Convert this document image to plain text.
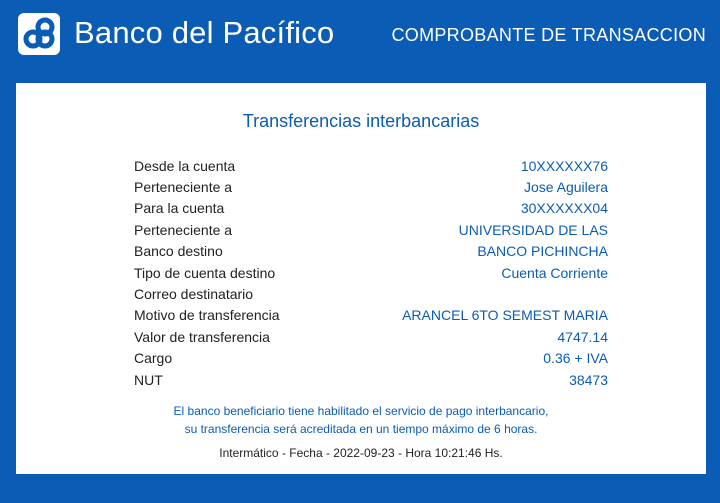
Banco del Pacífico	COMPROBANTE DE TRANSACCION
Transferencias interbancarias
Desde la cuenta	10XXXXXX76
Perteneciente a	Jose Aguilera
Para la cuenta	30XXXXXX04
Perteneciente a	UNIVERSIDAD DE LAS
Banco destino	BANCO PICHINCHA
Tipo de cuenta destino	Cuenta Corriente
Correo destinatario
Motivo de transferencia	ARANCEL 6TO SEMEST MARIA
Valor de transferencia	4747.14
Cargo	0.36 + IVA
NUT	38473
El banco beneficiario tiene habilitado el servicio de pago interbancario,
su transferencia será acreditada en un tiempo máximo de 6 horas.
Intermático - Fecha - 2022-09-23 - Hora 10:21:46 Hs.
